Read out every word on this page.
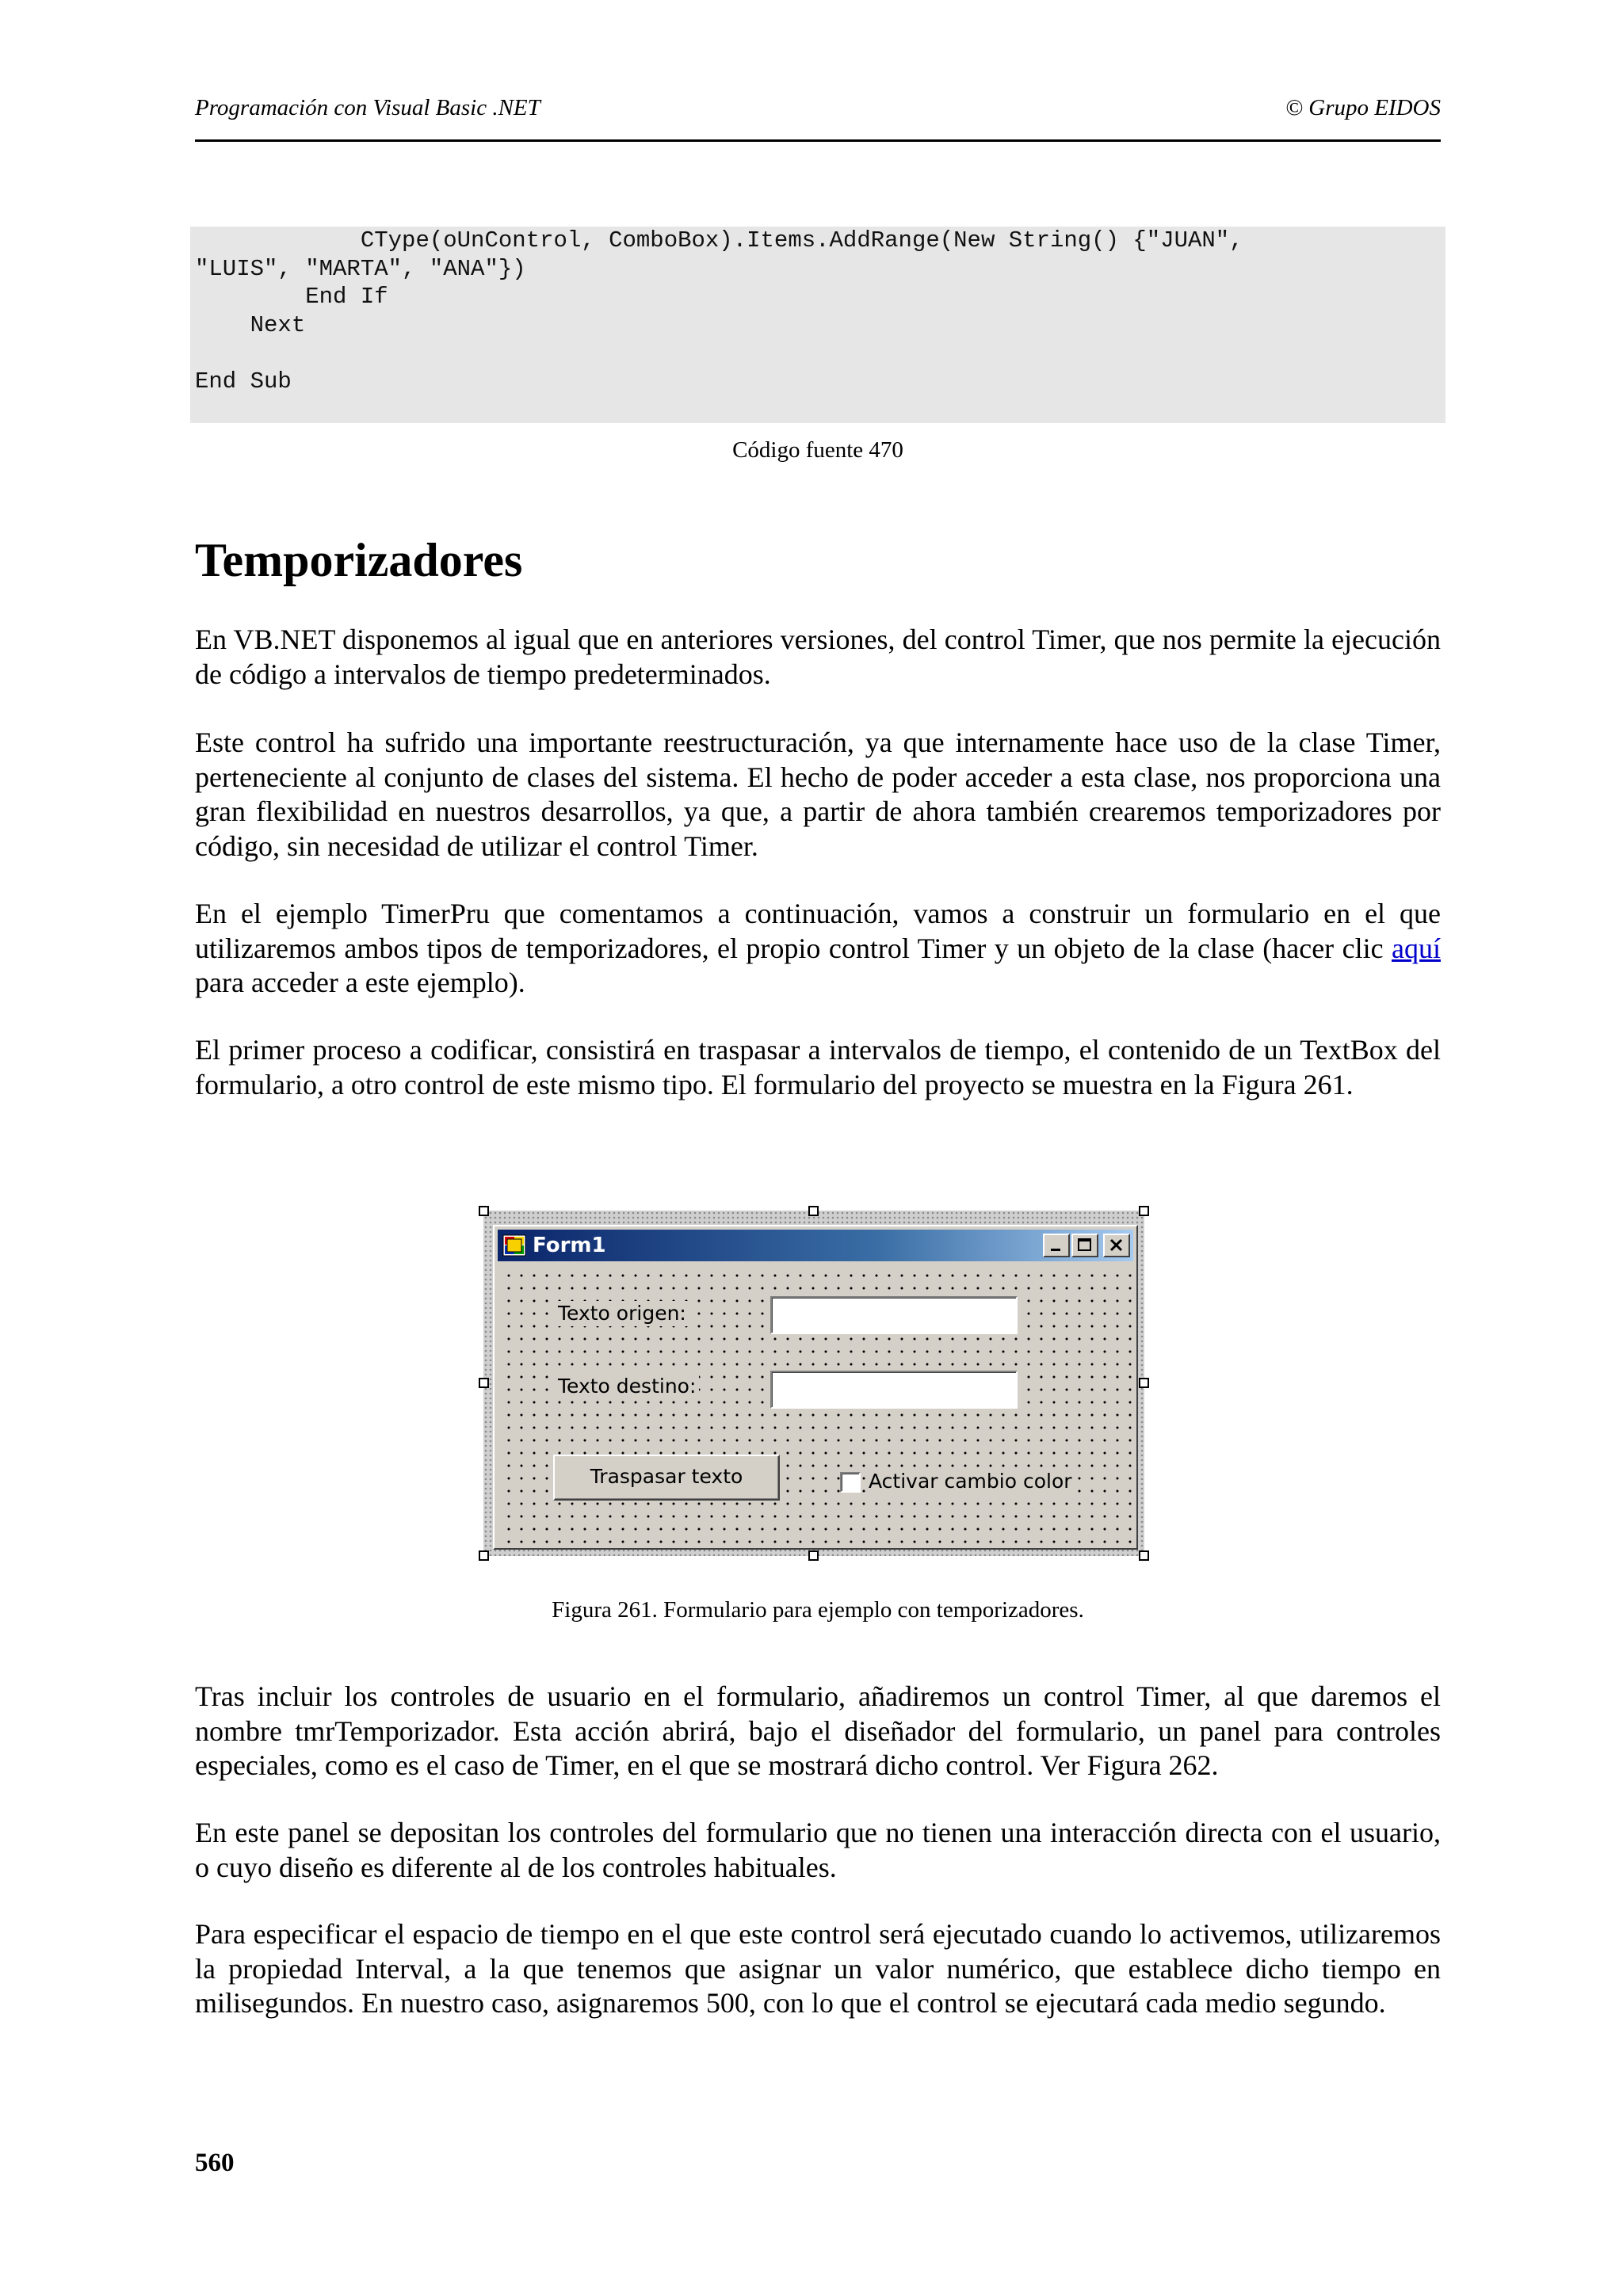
Programación con Visual Basic .NET	© Grupo EIDOS
CType(oUnControl, ComboBox).Items.AddRange(New String() {"JUAN",
"LUIS", "MARTA", "ANA"})
End If
Next
End Sub
Código fuente 470
Temporizadores

En VB.NET disponemos al igual que en anteriores versiones, del control Timer, que nos permite la ejecución de código a intervalos de tiempo predeterminados.

Este control ha sufrido una importante reestructuración, ya que internamente hace uso de la clase Timer, perteneciente al conjunto de clases del sistema. El hecho de poder acceder a esta clase, nos proporciona una gran flexibilidad en nuestros desarrollos, ya que, a partir de ahora también crearemos temporizadores por código, sin necesidad de utilizar el control Timer.

En el ejemplo TimerPru que comentamos a continuación, vamos a construir un formulario en el que utilizaremos ambos tipos de temporizadores, el propio control Timer y un objeto de la clase (hacer clic aquí para acceder a este ejemplo).

El primer proceso a codificar, consistirá en traspasar a intervalos de tiempo, el contenido de un TextBox del formulario, a otro control de este mismo tipo. El formulario del proyecto se muestra en la Figura 261.

Form1
Texto origen:
Texto destino:
Traspasar texto	Activar cambio color
Figura 261. Formulario para ejemplo con temporizadores.

Tras incluir los controles de usuario en el formulario, añadiremos un control Timer, al que daremos el nombre tmrTemporizador. Esta acción abrirá, bajo el diseñador del formulario, un panel para controles especiales, como es el caso de Timer, en el que se mostrará dicho control. Ver Figura 262.

En este panel se depositan los controles del formulario que no tienen una interacción directa con el usuario, o cuyo diseño es diferente al de los controles habituales.

Para especificar el espacio de tiempo en el que este control será ejecutado cuando lo activemos, utilizaremos la propiedad Interval, a la que tenemos que asignar un valor numérico, que establece dicho tiempo en milisegundos. En nuestro caso, asignaremos 500, con lo que el control se ejecutará cada medio segundo.

560
